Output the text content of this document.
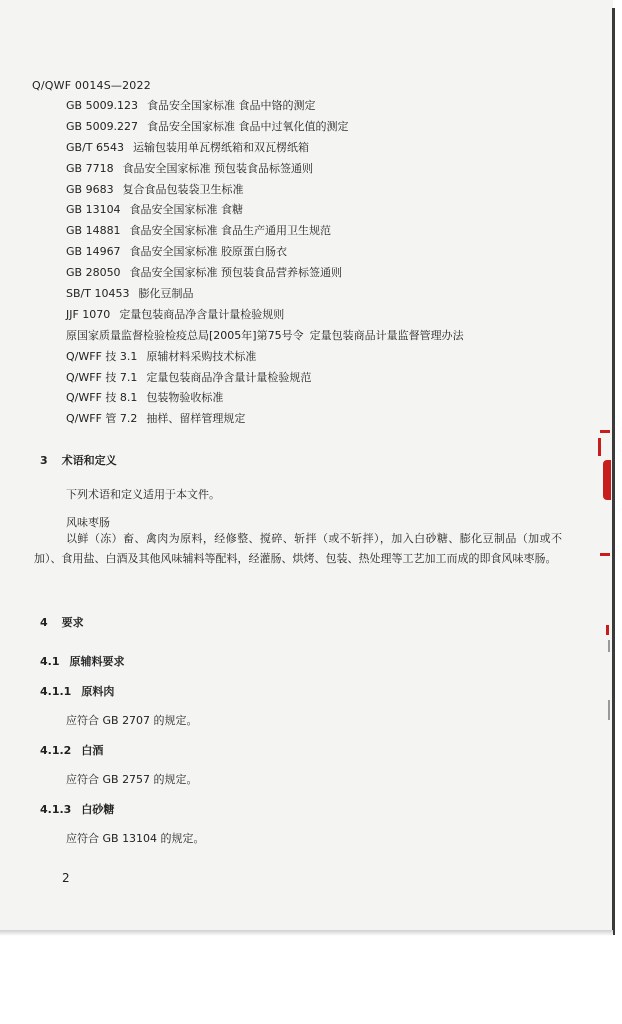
Q/QWF 0014S—2022
GB 5009.123 食品安全国家标准 食品中铬的测定
GB 5009.227 食品安全国家标准 食品中过氧化值的测定
GB/T 6543 运输包装用单瓦楞纸箱和双瓦楞纸箱
GB 7718 食品安全国家标准 预包装食品标签通则
GB 9683 复合食品包装袋卫生标准
GB 13104 食品安全国家标准 食糖
GB 14881 食品安全国家标准 食品生产通用卫生规范
GB 14967 食品安全国家标准 胶原蛋白肠衣
GB 28050 食品安全国家标准 预包装食品营养标签通则
SB/T 10453 膨化豆制品
JJF 1070 定量包装商品净含量计量检验规则
原国家质量监督检验检疫总局[2005年]第75号令 定量包装商品计量监督管理办法
Q/WFF 技 3.1 原辅材料采购技术标准
Q/WFF 技 7.1 定量包装商品净含量计量检验规范
Q/WFF 技 8.1 包装物验收标准
Q/WFF 管 7.2 抽样、留样管理规定
3 术语和定义
下列术语和定义适用于本文件。
风味枣肠
以鲜（冻）畜、禽肉为原料，经修整、搅碎、斩拌（或不斩拌），加入白砂糖、膨化豆制品（加或不加）、食用盐、白酒及其他风味辅料等配料，经灌肠、烘烤、包装、热处理等工艺加工而成的即食风味枣肠。
4 要求
4.1 原辅料要求
4.1.1 原料肉
应符合 GB 2707 的规定。
4.1.2 白酒
应符合 GB 2757 的规定。
4.1.3 白砂糖
应符合 GB 13104 的规定。
2
